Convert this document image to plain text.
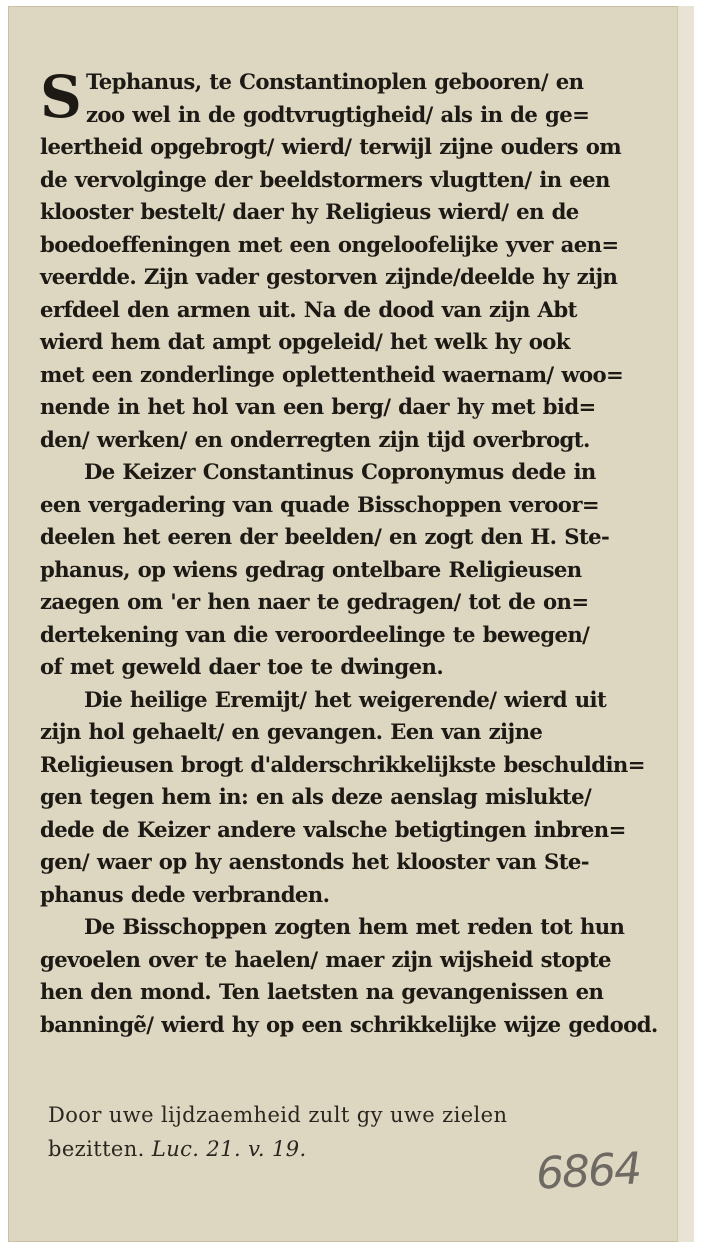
S Tephanus, te Constantinoplen gebooren/ en
zoo wel in de godtvrugtigheid/ als in de ge=
leertheid opgebrogt/ wierd/ terwijl zijne ouders om
de vervolginge der beeldstormers vlugtten/ in een
klooster bestelt/ daer hy Religieus wierd/ en de
boedoeffeningen met een ongeloofelijke yver aen=
veerdde. Zijn vader gestorven zijnde/deelde hy zijn
erfdeel den armen uit. Na de dood van zijn Abt
wierd hem dat ampt opgeleid/ het welk hy ook
met een zonderlinge oplettentheid waernam/ woo=
nende in het hol van een berg/ daer hy met bid=
den/ werken/ en onderregten zijn tijd overbrogt.
De Keizer Constantinus Copronymus dede in
een vergadering van quade Bisschoppen veroor=
deelen het eeren der beelden/ en zogt den H. Ste-
phanus, op wiens gedrag ontelbare Religieusen
zaegen om 'er hen naer te gedragen/ tot de on=
dertekening van die veroordeelinge te bewegen/
of met geweld daer toe te dwingen.
Die heilige Eremijt/ het weigerende/ wierd uit
zijn hol gehaelt/ en gevangen. Een van zijne
Religieusen brogt d'alderschrikkelijkste beschuldin=
gen tegen hem in: en als deze aenslag mislukte/
dede de Keizer andere valsche betigtingen inbren=
gen/ waer op hy aenstonds het klooster van Ste-
phanus dede verbranden.
De Bisschoppen zogten hem met reden tot hun
gevoelen over te haelen/ maer zijn wijsheid stopte
hen den mond. Ten laetsten na gevangenissen en
banningẽ/ wierd hy op een schrikkelijke wijze gedood.
Door uwe lijdzaemheid zult gy uwe zielen
bezitten. Luc. 21. v. 19.	6864
